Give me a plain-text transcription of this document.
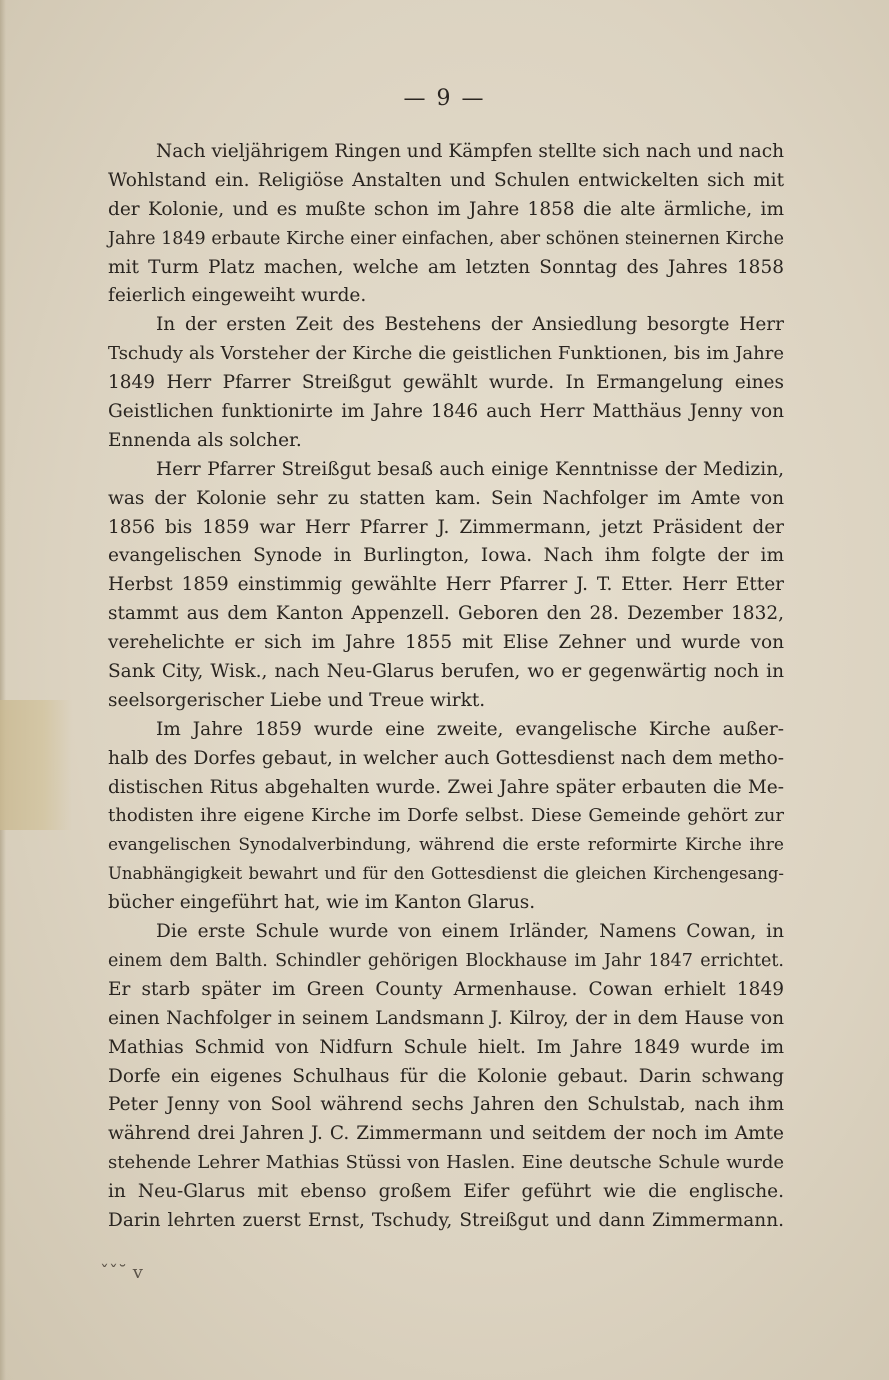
— 9 —
Nach vieljährigem Ringen und Kämpfen stellte sich nach und nach
Wohlstand ein. Religiöse Anstalten und Schulen entwickelten sich mit
der Kolonie, und es mußte schon im Jahre 1858 die alte ärmliche, im
Jahre 1849 erbaute Kirche einer einfachen, aber schönen steinernen Kirche
mit Turm Platz machen, welche am letzten Sonntag des Jahres 1858
feierlich eingeweiht wurde.
In der ersten Zeit des Bestehens der Ansiedlung besorgte Herr
Tschudy als Vorsteher der Kirche die geistlichen Funktionen, bis im Jahre
1849 Herr Pfarrer Streißgut gewählt wurde. In Ermangelung eines
Geistlichen funktionirte im Jahre 1846 auch Herr Matthäus Jenny von
Ennenda als solcher.
Herr Pfarrer Streißgut besaß auch einige Kenntnisse der Medizin,
was der Kolonie sehr zu statten kam. Sein Nachfolger im Amte von
1856 bis 1859 war Herr Pfarrer J. Zimmermann, jetzt Präsident der
evangelischen Synode in Burlington, Iowa. Nach ihm folgte der im
Herbst 1859 einstimmig gewählte Herr Pfarrer J. T. Etter. Herr Etter
stammt aus dem Kanton Appenzell. Geboren den 28. Dezember 1832,
verehelichte er sich im Jahre 1855 mit Elise Zehner und wurde von
Sank City, Wisk., nach Neu-Glarus berufen, wo er gegenwärtig noch in
seelsorgerischer Liebe und Treue wirkt.
Im Jahre 1859 wurde eine zweite, evangelische Kirche außer-
halb des Dorfes gebaut, in welcher auch Gottesdienst nach dem metho-
distischen Ritus abgehalten wurde. Zwei Jahre später erbauten die Me-
thodisten ihre eigene Kirche im Dorfe selbst. Diese Gemeinde gehört zur
evangelischen Synodalverbindung, während die erste reformirte Kirche ihre
Unabhängigkeit bewahrt und für den Gottesdienst die gleichen Kirchengesang-
bücher eingeführt hat, wie im Kanton Glarus.
Die erste Schule wurde von einem Irländer, Namens Cowan, in
einem dem Balth. Schindler gehörigen Blockhause im Jahr 1847 errichtet.
Er starb später im Green County Armenhause. Cowan erhielt 1849
einen Nachfolger in seinem Landsmann J. Kilroy, der in dem Hause von
Mathias Schmid von Nidfurn Schule hielt. Im Jahre 1849 wurde im
Dorfe ein eigenes Schulhaus für die Kolonie gebaut. Darin schwang
Peter Jenny von Sool während sechs Jahren den Schulstab, nach ihm
während drei Jahren J. C. Zimmermann und seitdem der noch im Amte
stehende Lehrer Mathias Stüssi von Haslen. Eine deutsche Schule wurde
in Neu-Glarus mit ebenso großem Eifer geführt wie die englische.
Darin lehrten zuerst Ernst, Tschudy, Streißgut und dann Zimmermann.
ˇˇ˘ v
